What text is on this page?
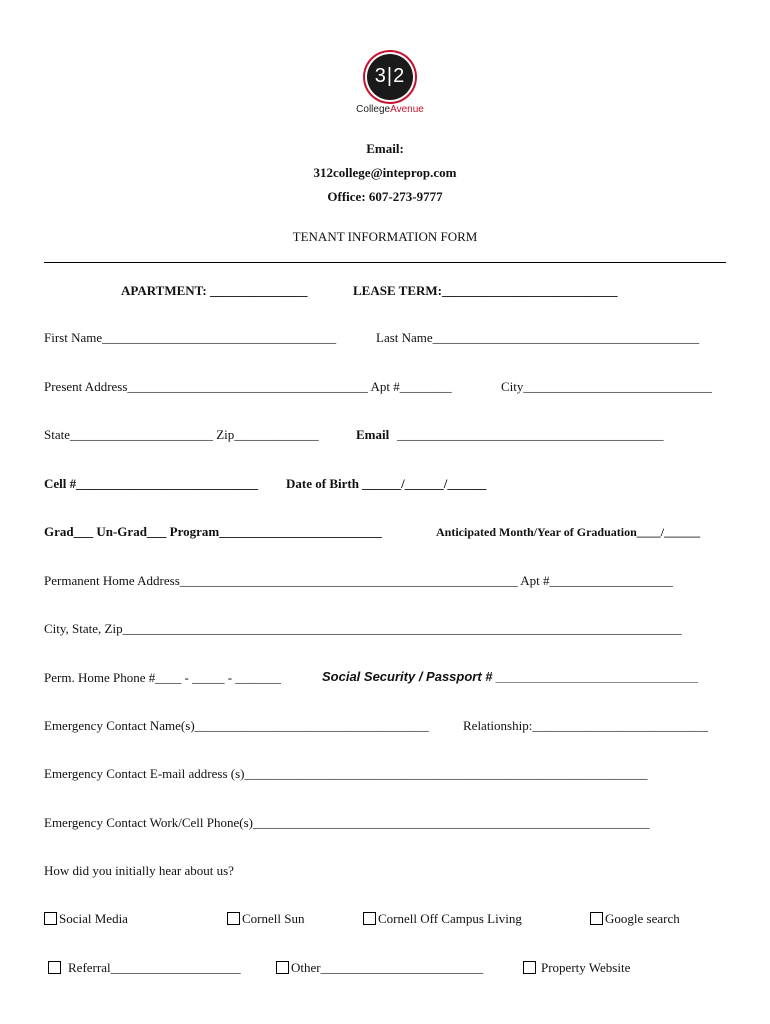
3|2
CollegeAvenue
Email:
312college@inteprop.com
Office: 607-273-9777
TENANT INFORMATION FORM
APARTMENT: _______________	LEASE TERM:___________________________
First Name____________________________________	Last Name_________________________________________
Present Address_____________________________________ Apt #________	City_____________________________
State______________________ Zip_____________	Email _________________________________________
Cell #____________________________ Date of Birth ______/______/______
Grad___ Un-Grad___ Program_________________________	Anticipated Month/Year of Graduation____/______
Permanent Home Address____________________________________________________ Apt #___________________
City, State, Zip______________________________________________________________________________________
Perm. Home Phone #____ - _____ - _______	Social Security / Passport # ____________________________
Emergency Contact Name(s)____________________________________	Relationship:___________________________
Emergency Contact E-mail address (s)______________________________________________________________
Emergency Contact Work/Cell Phone(s)_____________________________________________________________
How did you initially hear about us?
Social Media	Cornell Sun	Cornell Off Campus Living	Google search
Referral____________________	Other_________________________	Property Website
